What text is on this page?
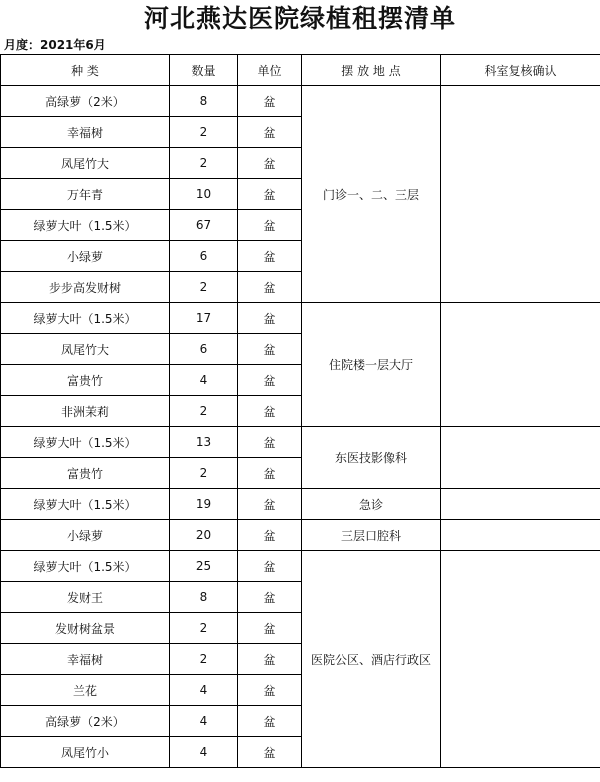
河北燕达医院绿植租摆清单
月度：2021年6月
种 类	数量	单位	摆 放 地 点	科室复核确认
高绿萝（2米）	8	盆	门诊一、二、三层	
幸福树	2	盆		
凤尾竹大	2	盆		
万年青	10	盆		
绿萝大叶（1.5米）	67	盆		
小绿萝	6	盆		
步步高发财树	2	盆		
绿萝大叶（1.5米）	17	盆	住院楼一层大厅	
凤尾竹大	6	盆		
富贵竹	4	盆		
非洲茉莉	2	盆		
绿萝大叶（1.5米）	13	盆	东医技影像科	
富贵竹	2	盆		
绿萝大叶（1.5米）	19	盆	急诊	
小绿萝	20	盆	三层口腔科	
绿萝大叶（1.5米）	25	盆	医院公区、酒店行政区	
发财王	8	盆		
发财树盆景	2	盆		
幸福树	2	盆		
兰花	4	盆		
高绿萝（2米）	4	盆		
凤尾竹小	4	盆		
